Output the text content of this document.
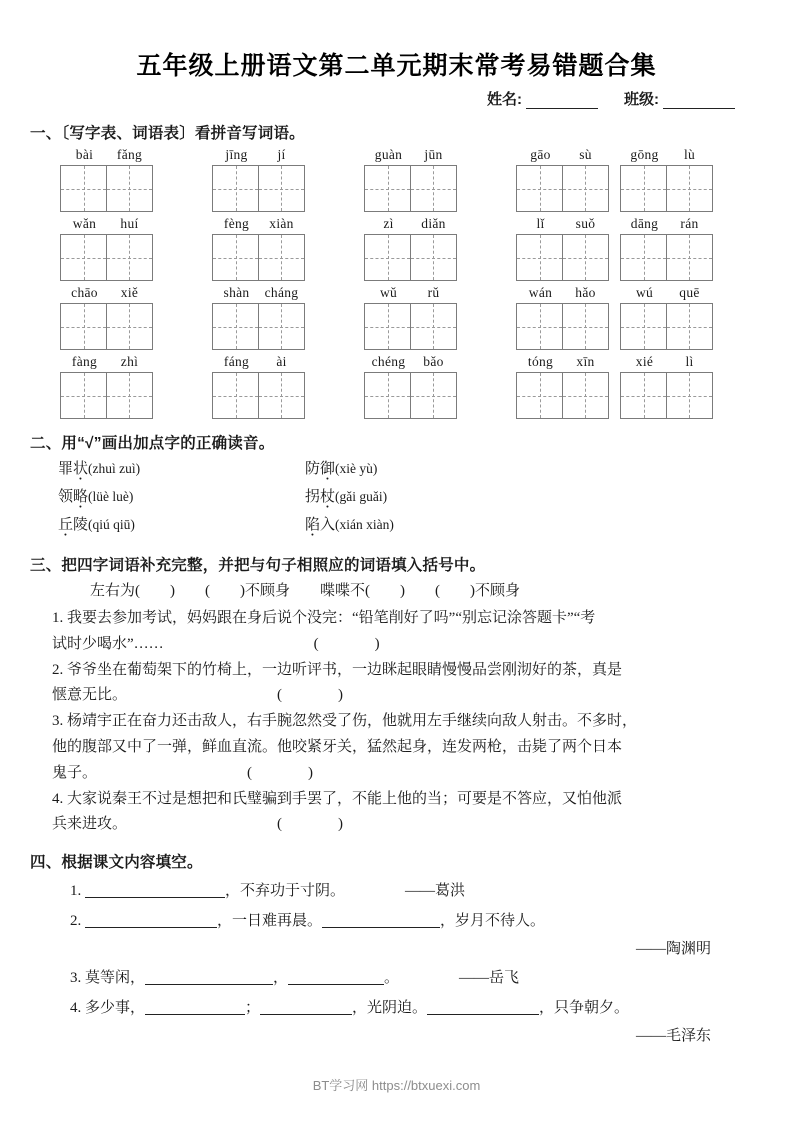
五年级上册语文第二单元期末常考易错题合集
姓名:	班级:
一、〔写字表、词语表〕看拼音写词语。
bài	fǎng	jīng	jí	guàn	jūn	gāo	sù	gōng	lù
wǎn	huí	fèng	xiàn	zì	diǎn	lǐ	suǒ	dāng	rán
chāo	xiě	shàn	cháng	wǔ	rǔ	wán	hǎo	wú	quē
fàng	zhì	fáng	ài	chéng	bǎo	tóng	xīn	xié	lì
二、用“√”画出加点字的正确读音。
罪状(zhuì zuì)	防御(xiè yù)
领略(lüè luè)	拐杖(gǎi guǎi)
丘陵(qiú qiū)	陷入(xián xiàn)
三、把四字词语补充完整，并把与句子相照应的词语填入括号中。
左右为( ) ( )不顾身 喋喋不( ) ( )不顾身
1. 我要去参加考试，妈妈跟在身后说个没完：“铅笔削好了吗”“别忘记涂答题卡”“考
试时少喝水”……	(	)
2. 爷爷坐在葡萄架下的竹椅上，一边听评书，一边眯起眼睛慢慢品尝刚沏好的茶，真是
惬意无比。	(	)
3. 杨靖宇正在奋力还击敌人，右手腕忽然受了伤，他就用左手继续向敌人射击。不多时，
他的腹部又中了一弹，鲜血直流。他咬紧牙关，猛然起身，连发两枪，击毙了两个日本
鬼子。	(	)
4. 大家说秦王不过是想把和氏璧骗到手罢了，不能上他的当；可要是不答应，又怕他派
兵来进攻。	(	)
四、根据课文内容填空。
1.	，不弃功于寸阴。	——葛洪
2.	，一日难再晨。	，岁月不待人。
——陶渊明
3. 莫等闲，	，	。	——岳飞
4. 多少事，	；	，光阴迫。	，只争朝夕。
——毛泽东
BT学习网 https://btxuexi.com
